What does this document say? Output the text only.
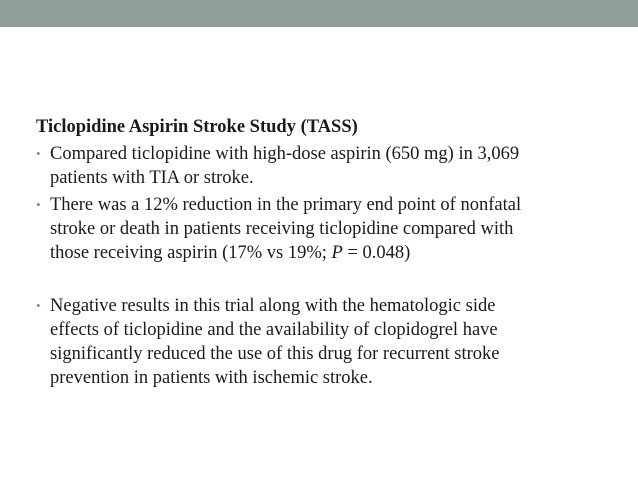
Ticlopidine Aspirin Stroke Study (TASS)
• Compared ticlopidine with high-dose aspirin (650 mg) in 3,069
patients with TIA or stroke.
• There was a 12% reduction in the primary end point of nonfatal
stroke or death in patients receiving ticlopidine compared with
those receiving aspirin (17% vs 19%; P = 0.048)
• Negative results in this trial along with the hematologic side
effects of ticlopidine and the availability of clopidogrel have
significantly reduced the use of this drug for recurrent stroke
prevention in patients with ischemic stroke.
